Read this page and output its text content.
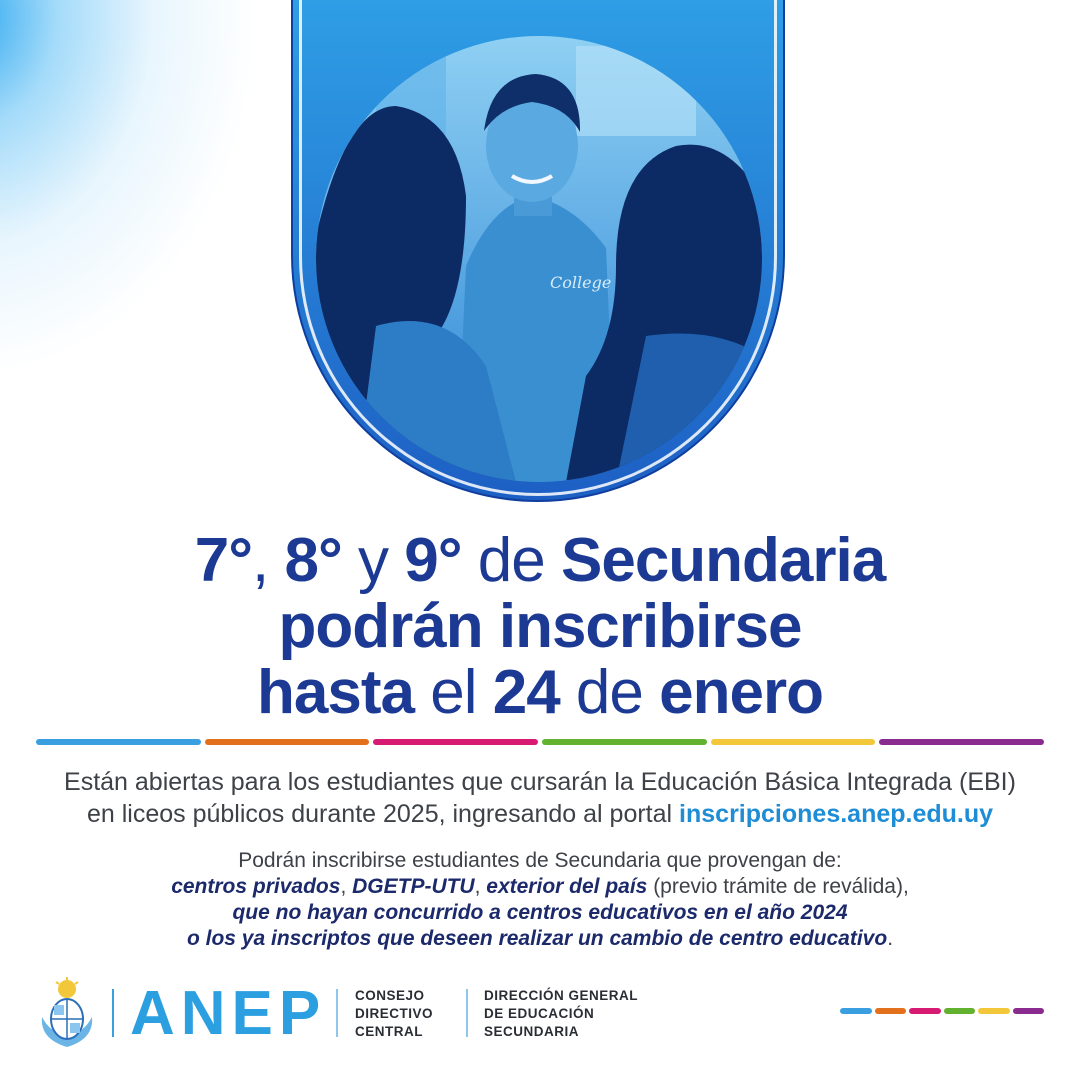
College
7°, 8° y 9° de Secundaria
podrán inscribirse
hasta el 24 de enero
Están abiertas para los estudiantes que cursarán la Educación Básica Integrada (EBI)
en liceos públicos durante 2025, ingresando al portal inscripciones.anep.edu.uy
Podrán inscribirse estudiantes de Secundaria que provengan de:
centros privados, DGETP-UTU, exterior del país (previo trámite de reválida),
que no hayan concurrido a centros educativos en el año 2024
o los ya inscriptos que deseen realizar un cambio de centro educativo.
ANEP CONSEJO
DIRECTIVO
CENTRAL
DIRECCIÓN GENERAL
DE EDUCACIÓN
SECUNDARIA
